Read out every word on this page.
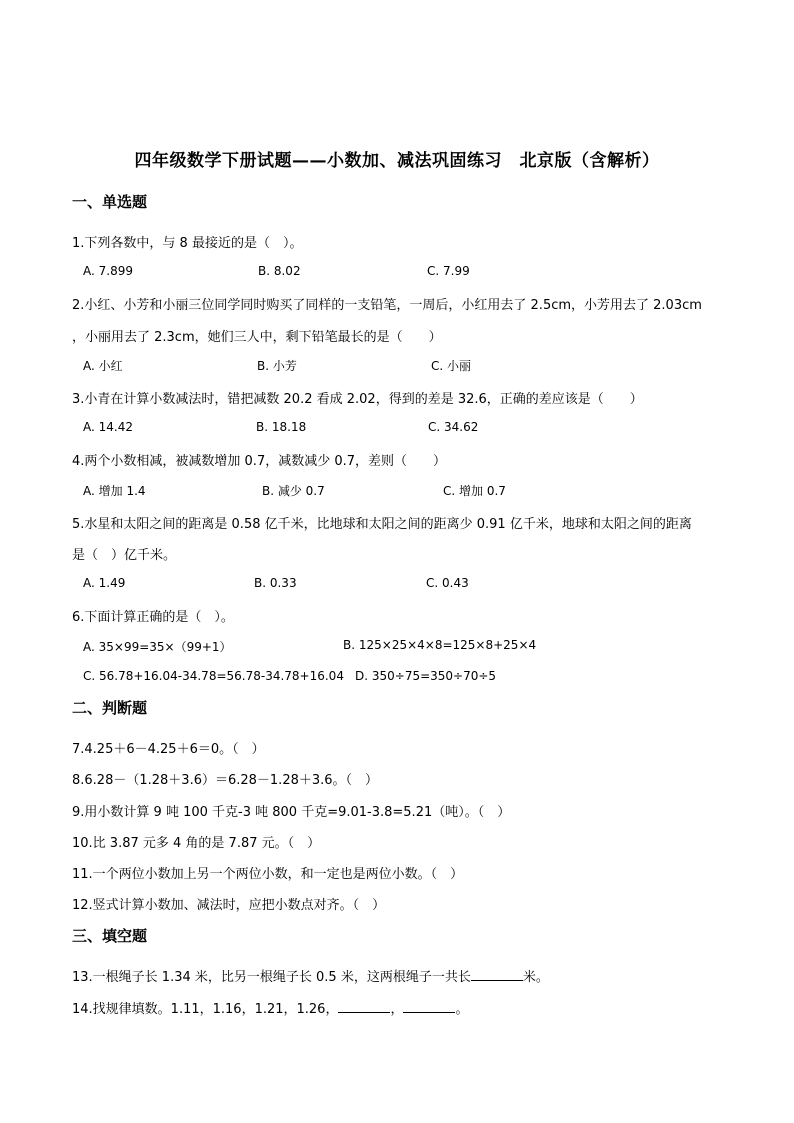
四年级数学下册试题——小数加、减法巩固练习　北京版（含解析）
一、单选题
1.下列各数中，与 8 最接近的是（　）。
A. 7.899	B. 8.02	C. 7.99
2.小红、小芳和小丽三位同学同时购买了同样的一支铅笔，一周后，小红用去了 2.5cm，小芳用去了 2.03cm
，小丽用去了 2.3cm，她们三人中，剩下铅笔最长的是（　　）
A. 小红	B. 小芳	C. 小丽
3.小青在计算小数减法时，错把减数 20.2 看成 2.02，得到的差是 32.6，正确的差应该是（　　）
A. 14.42	B. 18.18	C. 34.62
4.两个小数相减，被减数增加 0.7，减数减少 0.7，差则（　　）
A. 增加 1.4	B. 减少 0.7	C. 增加 0.7
5.水星和太阳之间的距离是 0.58 亿千米，比地球和太阳之间的距离少 0.91 亿千米，地球和太阳之间的距离
是（　）亿千米。
A. 1.49	B. 0.33	C. 0.43
6.下面计算正确的是（　）。
A. 35×99=35×（99+1）	B. 125×25×4×8=125×8+25×4
C. 56.78+16.04-34.78=56.78-34.78+16.04 D. 350÷75=350÷70÷5
二、判断题
7.4.25＋6－4.25＋6＝0。（　）
8.6.28－（1.28＋3.6）＝6.28－1.28＋3.6。（　）
9.用小数计算 9 吨 100 千克-3 吨 800 千克=9.01-3.8=5.21（吨）。（　）
10.比 3.87 元多 4 角的是 7.87 元。（　）
11.一个两位小数加上另一个两位小数，和一定也是两位小数。（　）
12.竖式计算小数加、减法时，应把小数点对齐。（　）
三、填空题
13.一根绳子长 1.34 米，比另一根绳子长 0.5 米，这两根绳子一共长	米。
14.找规律填数。1.11，1.16，1.21，1.26，	，	。
